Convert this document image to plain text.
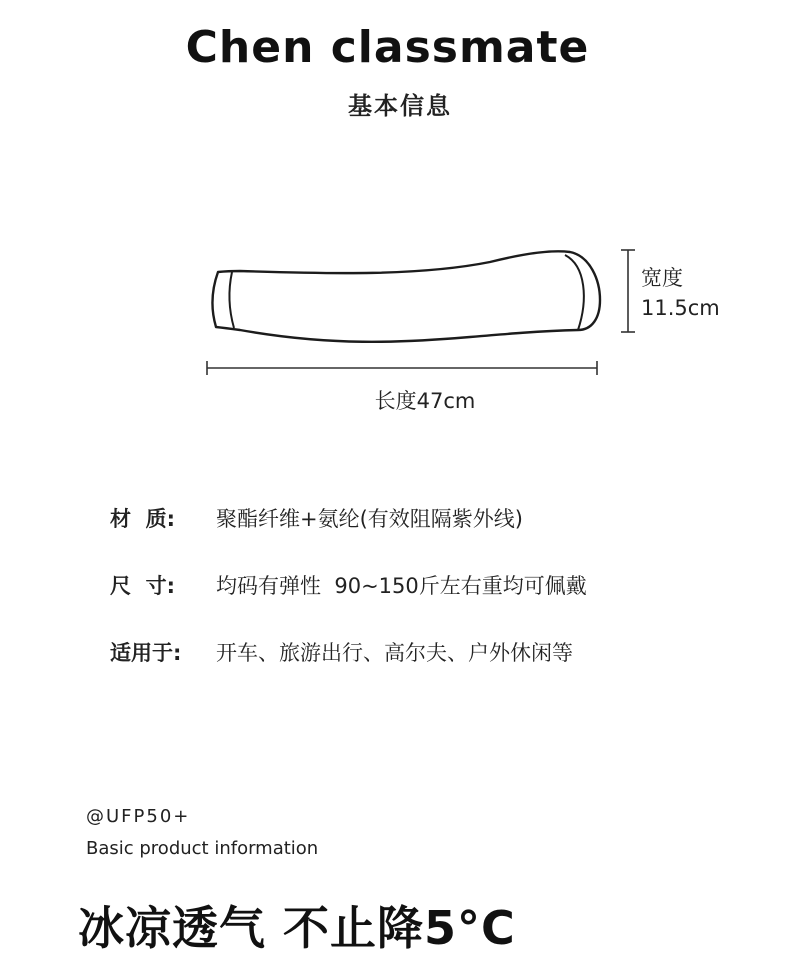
Chen classmate
基本信息
宽度
11.5cm
长度47cm
材  质:	聚酯纤维+氨纶(有效阻隔紫外线)
尺  寸:	均码有弹性  90~150斤左右重均可佩戴
适用于:	开车、旅游出行、高尔夫、户外休闲等
@UFP50+
Basic product information
冰凉透气 不止降5°C
